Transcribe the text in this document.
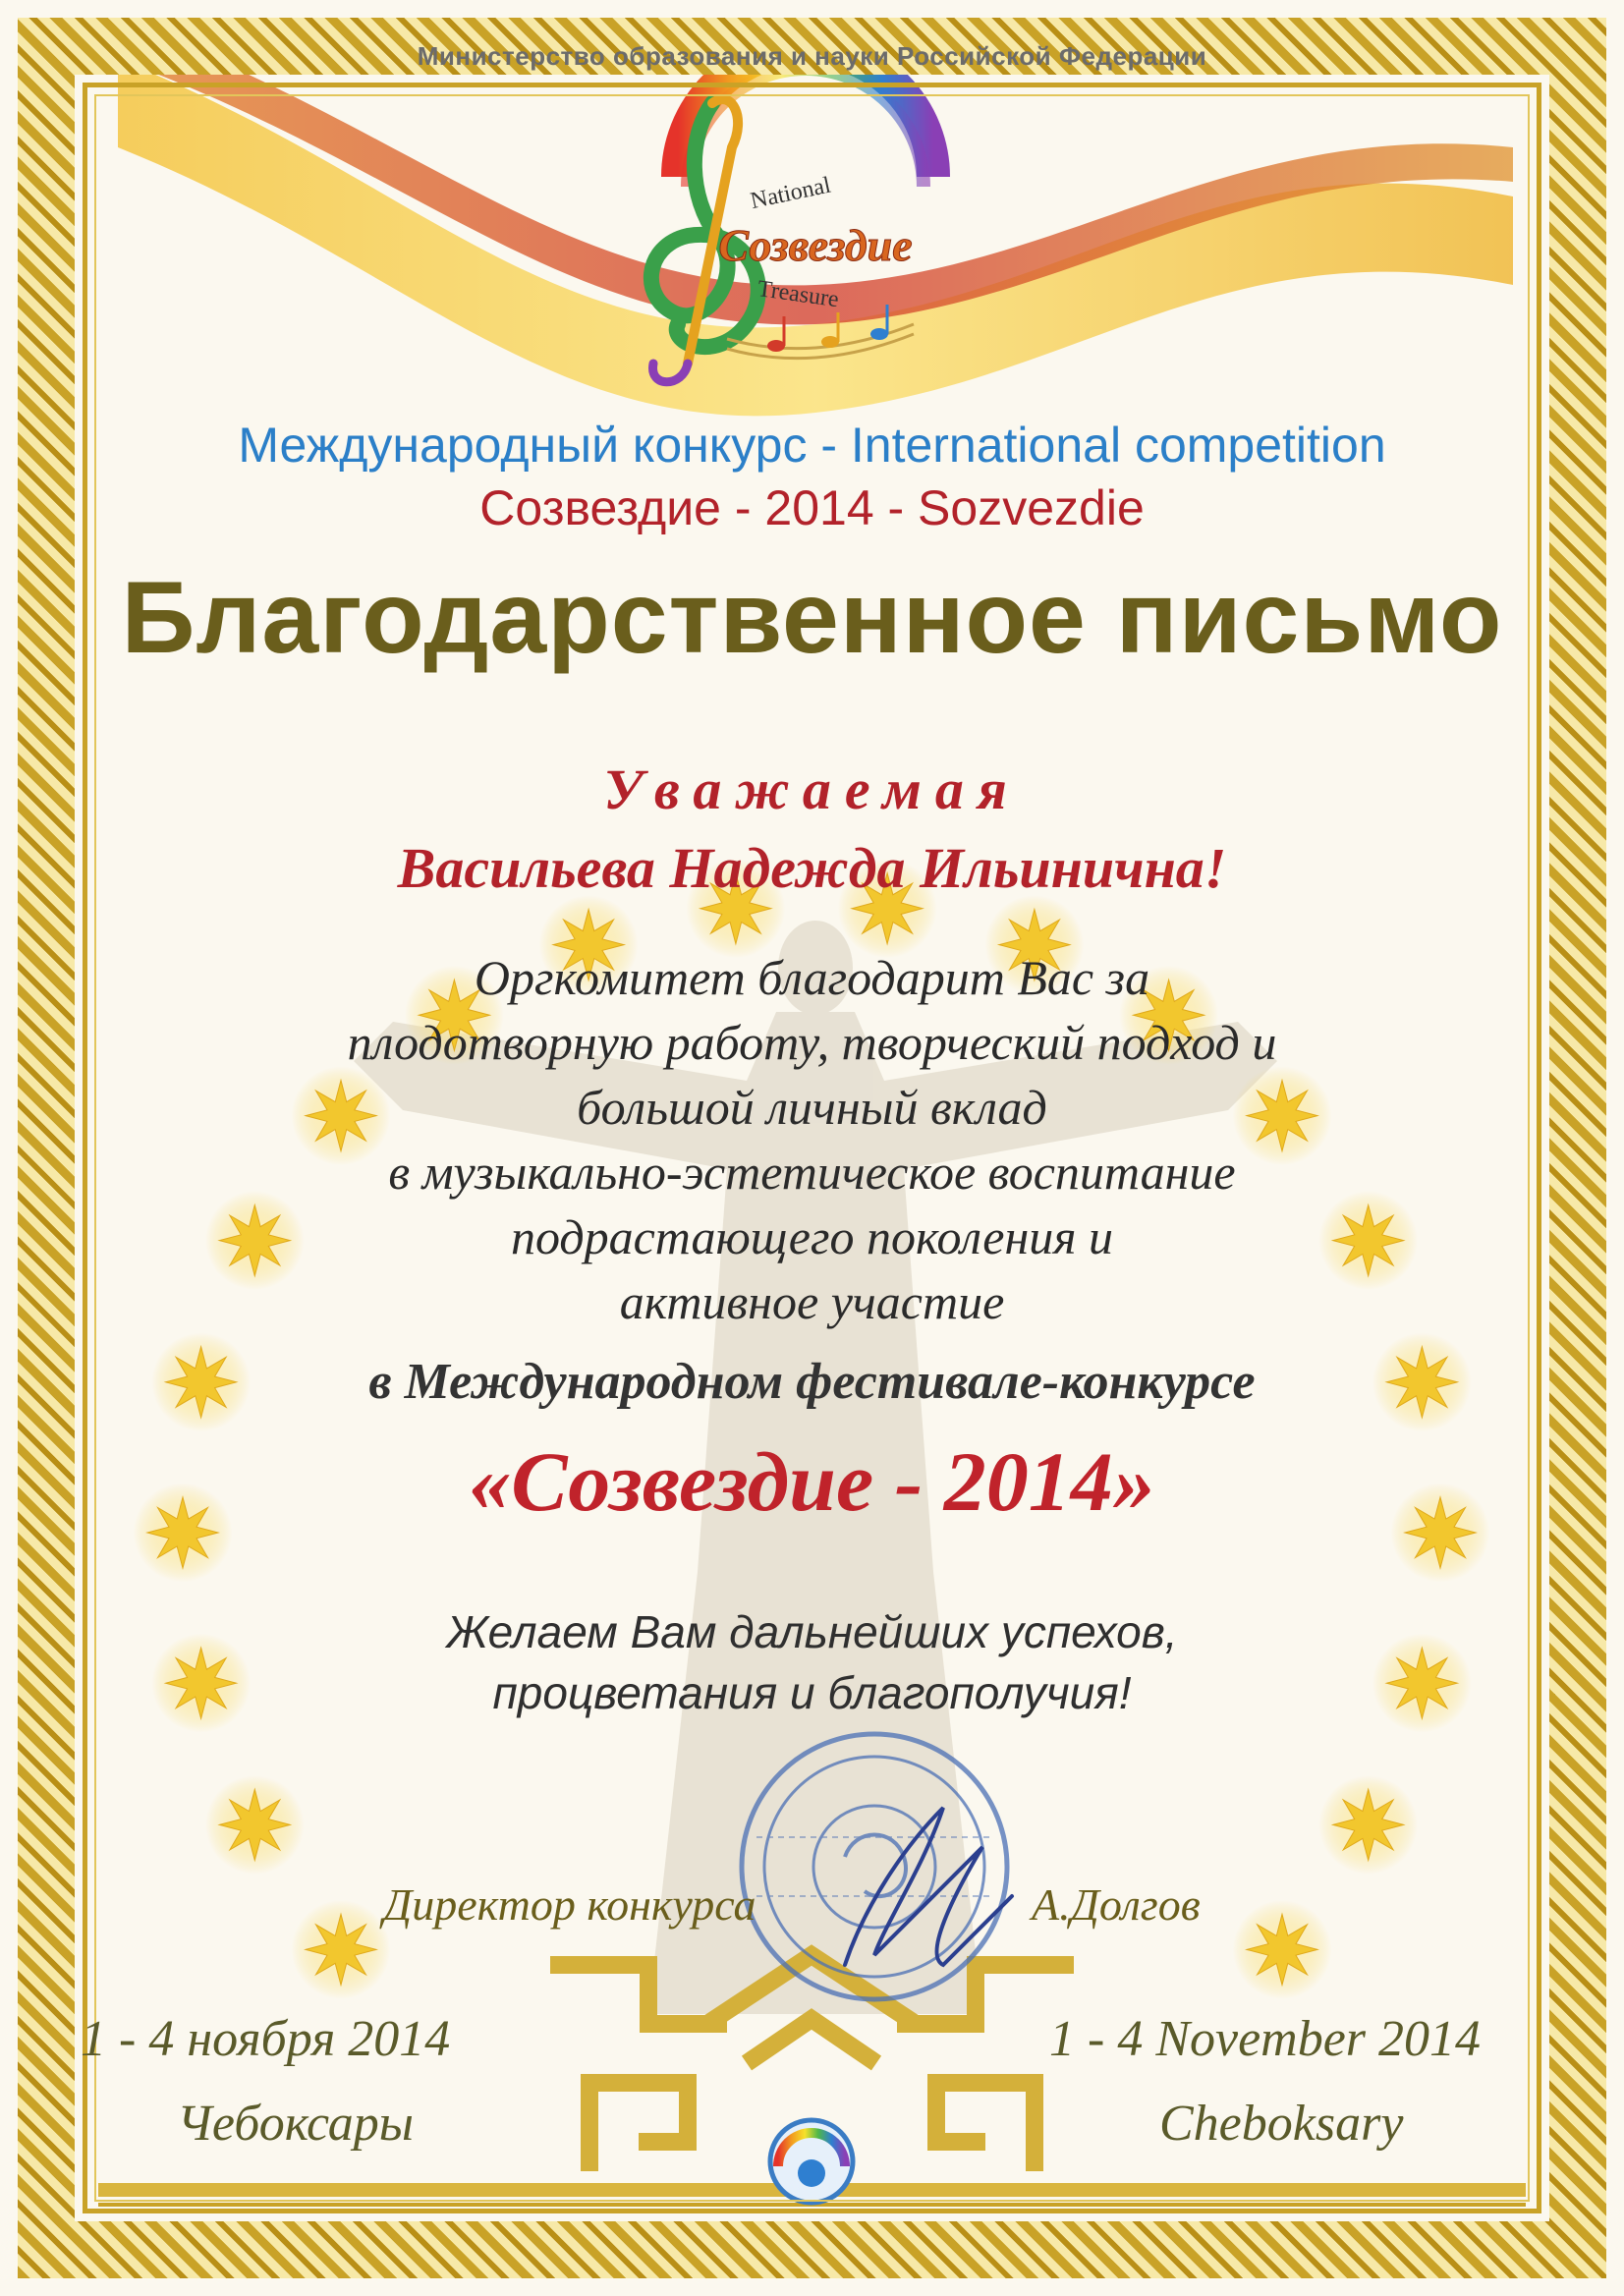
National
Созвездие
Treasure

Министерство образования и науки Российской Федерации

Международный конкурс - International competition

Созвездие - 2014 - Sozvezdie

Благодарственное письмо

Уважаемая

Васильева Надежда Ильинична!

Оргкомитет благодарит Вас за
плодотворную работу, творческий подход и
большой личный вклад
в музыкально-эстетическое воспитание
подрастающего поколения и
активное участие

в Международном фестивале-конкурсе

«Созвездие - 2014»

Желаем Вам дальнейших успехов,
процветания и благополучия!

Директор конкурса	А.Долгов

1 - 4 ноября 2014

Чебоксары

1 - 4 November 2014

Cheboksary
